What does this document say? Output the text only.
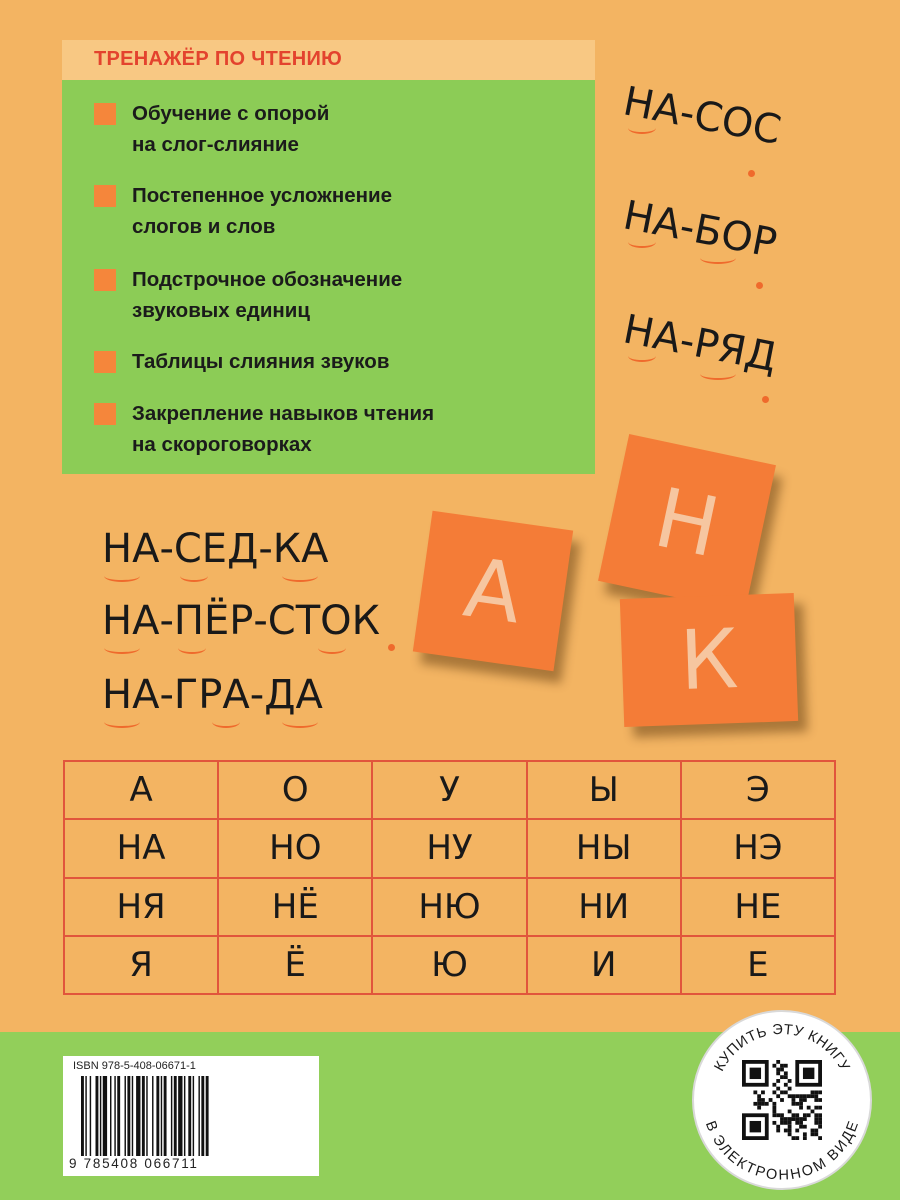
ТРЕНАЖЁР ПО ЧТЕНИЮ
Обучение с опорой
на слог-слияние
Постепенное усложнение
слогов и слов
Подстрочное обозначение
звуковых единиц
Таблицы слияния звуков
Закрепление навыков чтения
на скороговорках
НА-СОС
НА-БОР
НА-РЯД
НА-СЕД-КА
НА-ПЁР-СТОК
НА-ГРА-ДА
А
Н
К
А	О	У	Ы	Э
НА	НО	НУ	НЫ	НЭ
НЯ	НЁ	НЮ	НИ	НЕ
Я	Ё	Ю	И	Е
ISBN 978-5-408-06671-1
9 785408 066711
КУПИТЬ ЭТУ КНИГУ
В ЭЛЕКТРОННОМ ВИДЕ
